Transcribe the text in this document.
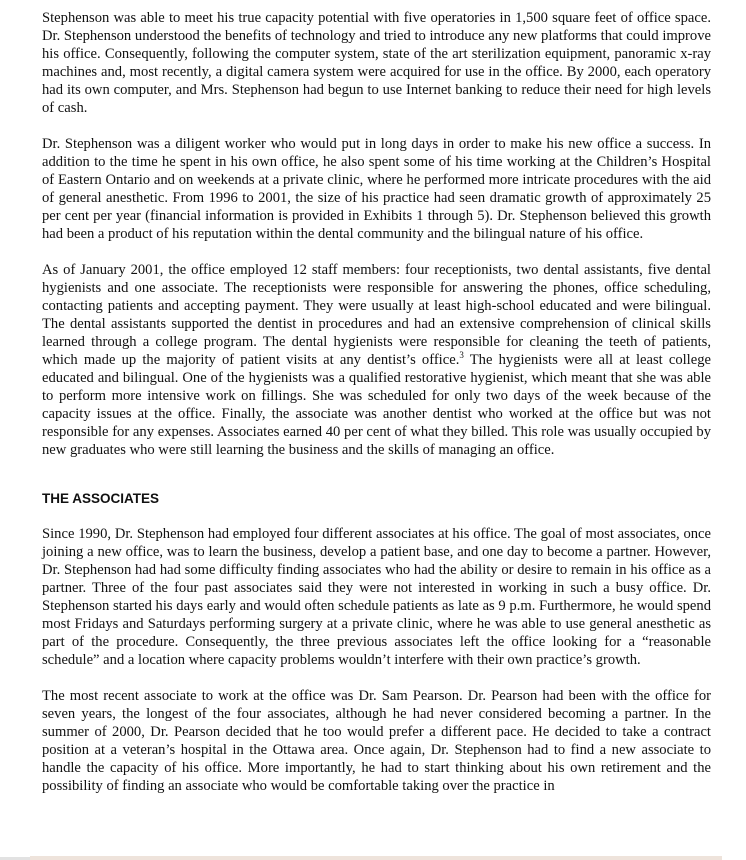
Stephenson was able to meet his true capacity potential with five operatories in 1,500 square feet of office space. Dr. Stephenson understood the benefits of technology and tried to introduce any new platforms that could improve his office. Consequently, following the computer system, state of the art sterilization equipment, panoramic x-ray machines and, most recently, a digital camera system were acquired for use in the office. By 2000, each operatory had its own computer, and Mrs. Stephenson had begun to use Internet banking to reduce their need for high levels of cash.

Dr. Stephenson was a diligent worker who would put in long days in order to make his new office a success. In addition to the time he spent in his own office, he also spent some of his time working at the Children’s Hospital of Eastern Ontario and on weekends at a private clinic, where he performed more intricate procedures with the aid of general anesthetic. From 1996 to 2001, the size of his practice had seen dramatic growth of approximately 25 per cent per year (financial information is provided in Exhibits 1 through 5). Dr. Stephenson believed this growth had been a product of his reputation within the dental community and the bilingual nature of his office.

As of January 2001, the office employed 12 staff members: four receptionists, two dental assistants, five dental hygienists and one associate. The receptionists were responsible for answering the phones, office scheduling, contacting patients and accepting payment. They were usually at least high-school educated and were bilingual. The dental assistants supported the dentist in procedures and had an extensive comprehension of clinical skills learned through a college program. The dental hygienists were responsible for cleaning the teeth of patients, which made up the majority of patient visits at any dentist’s office.$^3$ The hygienists were all at least college educated and bilingual. One of the hygienists was a qualified restorative hygienist, which meant that she was able to perform more intensive work on fillings. She was scheduled for only two days of the week because of the capacity issues at the office. Finally, the associate was another dentist who worked at the office but was not responsible for any expenses. Associates earned 40 per cent of what they billed. This role was usually occupied by new graduates who were still learning the business and the skills of managing an office.

THE ASSOCIATES

Since 1990, Dr. Stephenson had employed four different associates at his office. The goal of most associates, once joining a new office, was to learn the business, develop a patient base, and one day to become a partner. However, Dr. Stephenson had had some difficulty finding associates who had the ability or desire to remain in his office as a partner. Three of the four past associates said they were not interested in working in such a busy office. Dr. Stephenson started his days early and would often schedule patients as late as 9 p.m. Furthermore, he would spend most Fridays and Saturdays performing surgery at a private clinic, where he was able to use general anesthetic as part of the procedure. Consequently, the three previous associates left the office looking for a “reasonable schedule” and a location where capacity problems wouldn’t interfere with their own practice’s growth.

The most recent associate to work at the office was Dr. Sam Pearson. Dr. Pearson had been with the office for seven years, the longest of the four associates, although he had never considered becoming a partner. In the summer of 2000, Dr. Pearson decided that he too would prefer a different pace. He decided to take a contract position at a veteran’s hospital in the Ottawa area. Once again, Dr. Stephenson had to find a new associate to handle the capacity of his office. More importantly, he had to start thinking about his own retirement and the possibility of finding an associate who would be comfortable taking over the practice in
